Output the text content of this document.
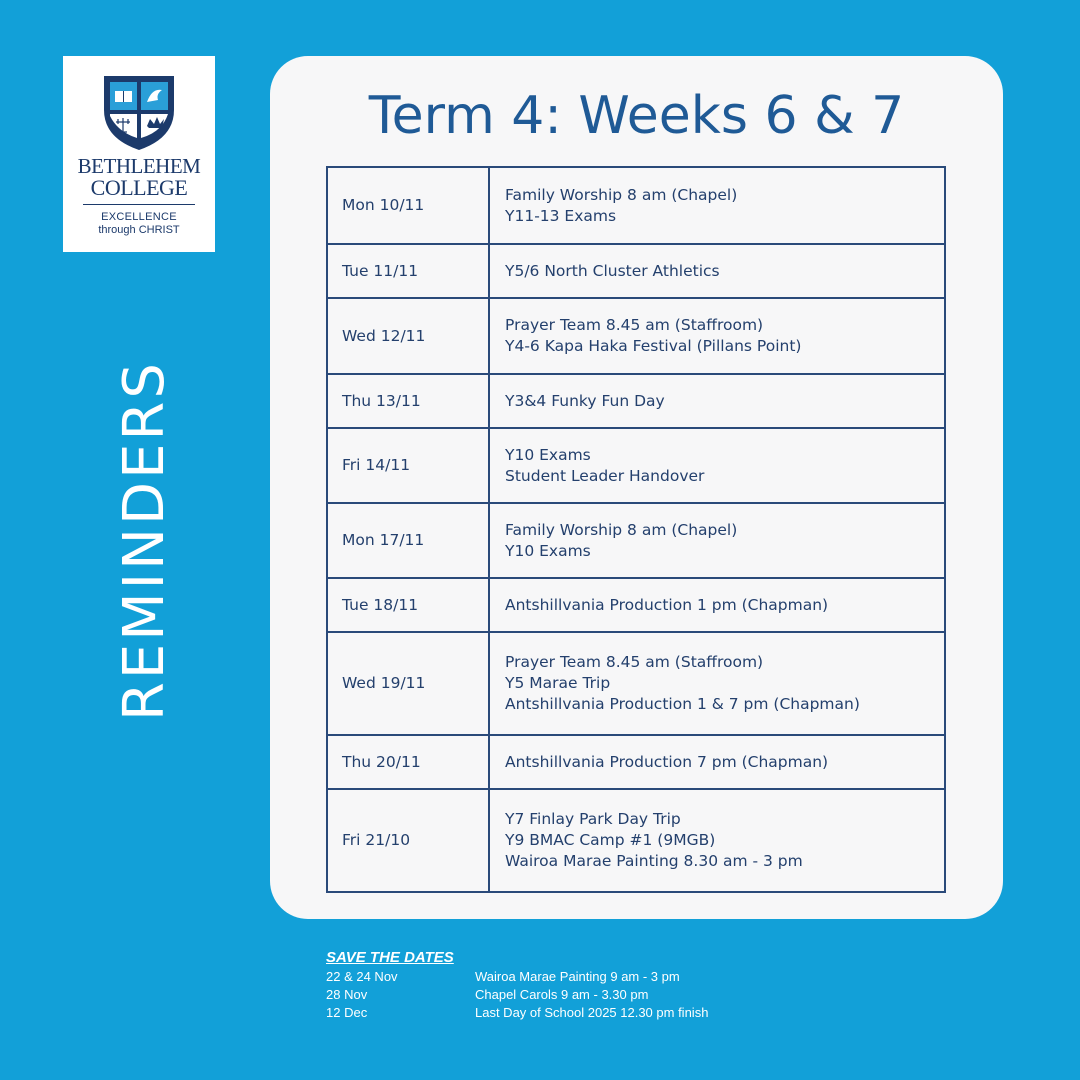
BETHLEHEM
COLLEGE
EXCELLENCE
through CHRIST
REMINDERS
Term 4: Weeks 6 & 7
Mon 10/11	Family Worship 8 am (Chapel)
Y11-13 Exams

Tue 11/11	Y5/6 North Cluster Athletics

Wed 12/11	Prayer Team 8.45 am (Staffroom)
Y4-6 Kapa Haka Festival (Pillans Point)

Thu 13/11	Y3&4 Funky Fun Day

Fri 14/11	Y10 Exams
Student Leader Handover

Mon 17/11	Family Worship 8 am (Chapel)
Y10 Exams

Tue 18/11	Antshillvania Production 1 pm (Chapman)

Wed 19/11	Prayer Team 8.45 am (Staffroom)
Y5 Marae Trip
Antshillvania Production 1 & 7 pm (Chapman)

Thu 20/11	Antshillvania Production 7 pm (Chapman)

Fri 21/10	Y7 Finlay Park Day Trip
Y9 BMAC Camp #1 (9MGB)
Wairoa Marae Painting 8.30 am - 3 pm
SAVE THE DATES
22 & 24 Nov	Wairoa Marae Painting 9 am - 3 pm
28 Nov	Chapel Carols 9 am - 3.30 pm
12 Dec	Last Day of School 2025 12.30 pm finish
